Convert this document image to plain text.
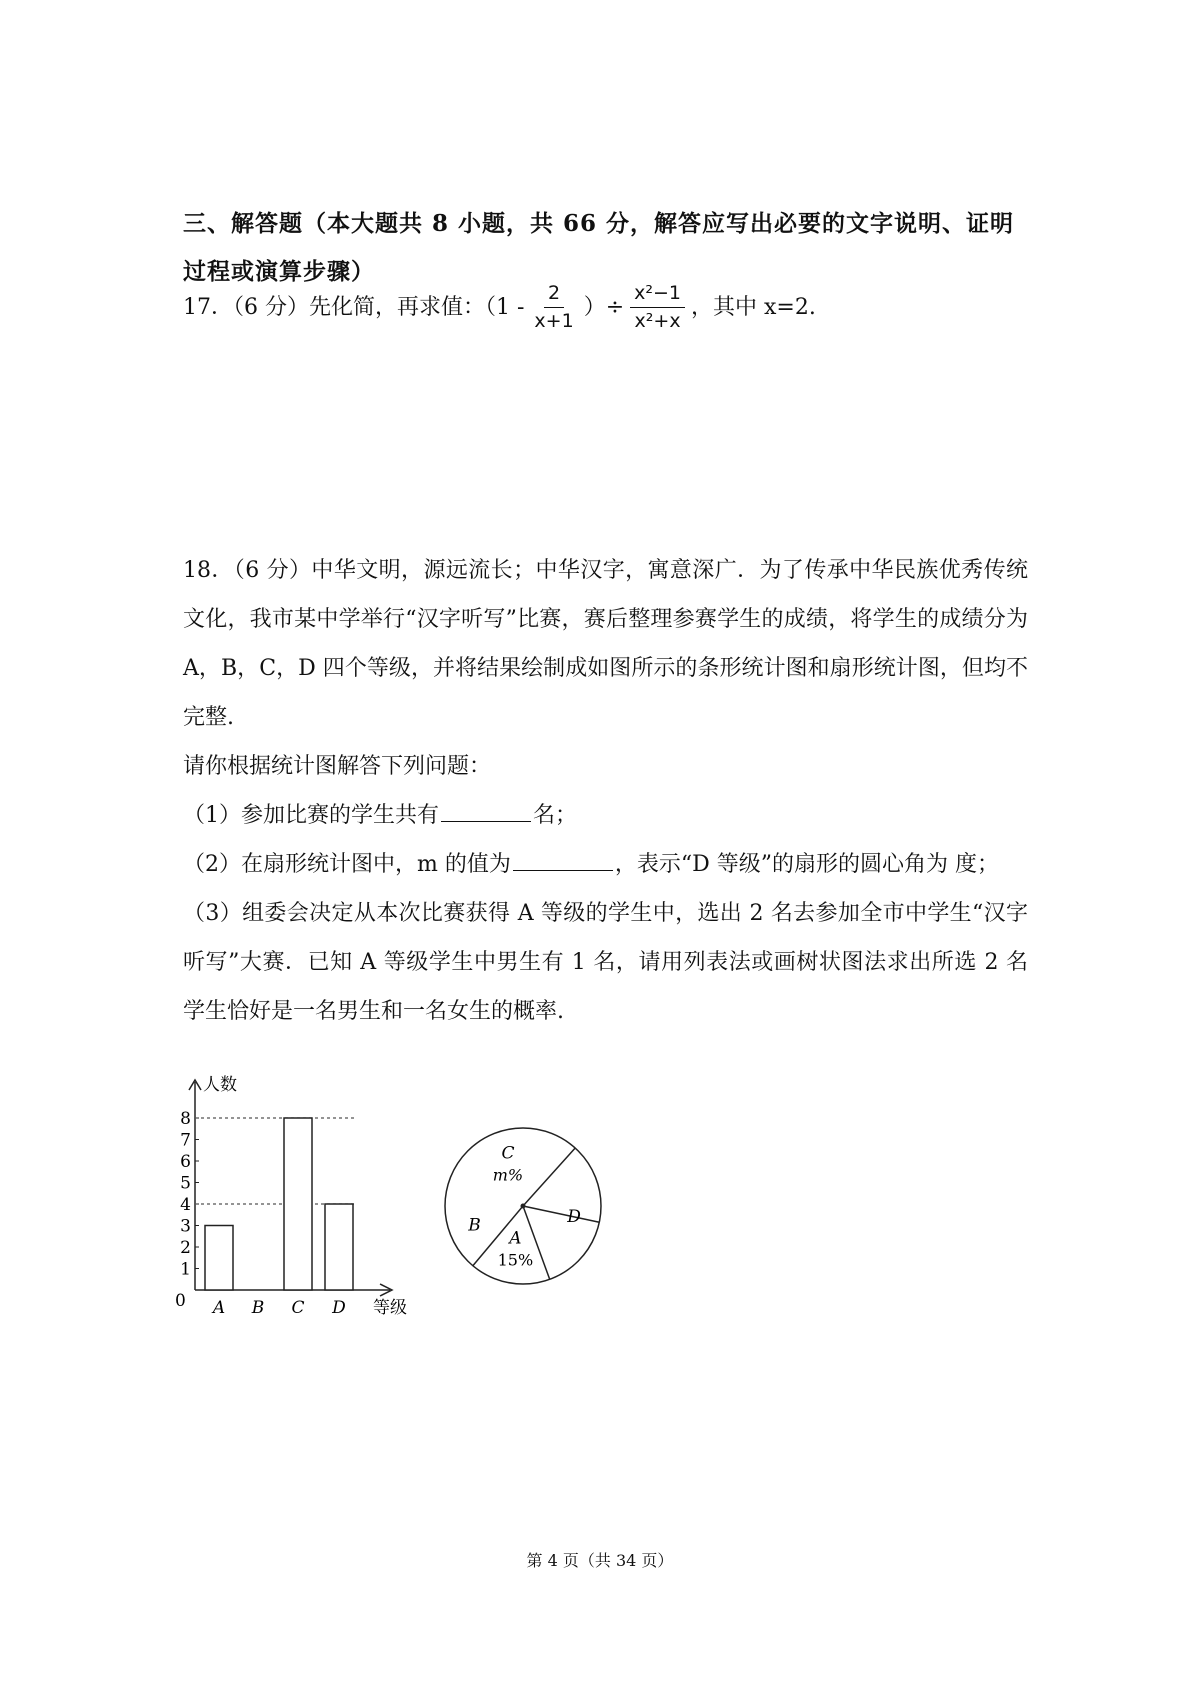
三、解答题（本大题共 8 小题，共 66 分，解答应写出必要的文字说明、证明过程或演算步骤）
17．（6 分）先化简，再求值：（$1 - \frac{2}{x+1}$ ）÷ $\frac{\text{x²−1}}{\text{x²+x}}$ ，其中 x=2.

18．（6 分）中华文明，源远流长；中华汉字，寓意深广．为了传承中华民族优秀传统文化，我市某中学举行“汉字听写”比赛，赛后整理参赛学生的成绩，将学生的成绩分为 A，B，C，D 四个等级，并将结果绘制成如图所示的条形统计图和扇形统计图，但均不完整.

请你根据统计图解答下列问题：

（1）参加比赛的学生共有	名；

（2）在扇形统计图中，m 的值为	，表示“D 等级”的扇形的圆心角为 度；

（3）组委会决定从本次比赛获得 A 等级的学生中，选出 2 名去参加全市中学生“汉字听写”大赛．已知 A 等级学生中男生有 1 名，请用列表法或画树状图法求出所选 2 名学生恰好是一名男生和一名女生的概率.

人数
等级
0
1
2
3
4
5
6
7
8
A B C D
C
m%
D
A
15%
B
第 4 页（共 34 页）
